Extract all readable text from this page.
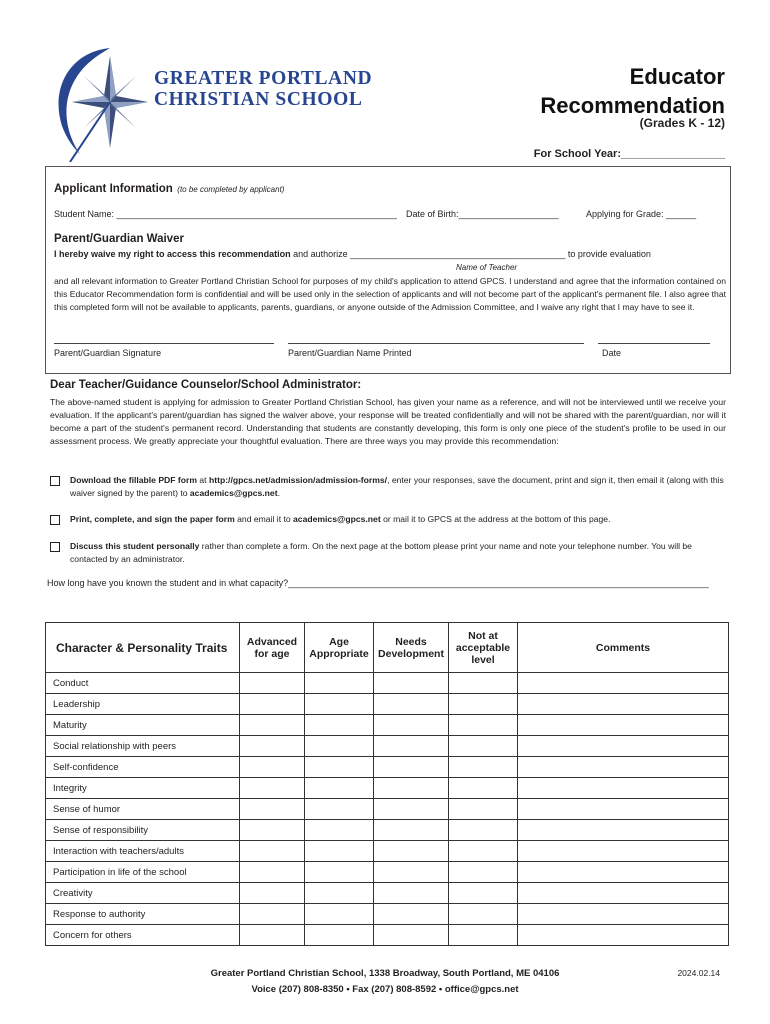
GREATER PORTLAND
CHRISTIAN SCHOOL
Educator
Recommendation
(Grades K - 12)
For School Year:_________________
Applicant Information (to be completed by applicant)
Student Name: ________________________________________________________ Date of Birth:____________________	Applying for Grade: ______
Parent/Guardian Waiver
I hereby waive my right to access this recommendation and authorize ___________________________________________ to provide evaluation
Name of Teacher
and all relevant information to Greater Portland Christian School for purposes of my child's application to attend GPCS. I understand and agree that the information contained on this Educator Recommendation form is confidential and will be used only in the selection of applicants and will not become part of the applicant's permanent file. I also agree that this completed form will not be available to applicants, parents, guardians, or anyone outside of the Admission Committee, and I waive any right that I may have to see it.
Parent/Guardian Signature	Parent/Guardian Name Printed	Date
Dear Teacher/Guidance Counselor/School Administrator:
The above-named student is applying for admission to Greater Portland Christian School, has given your name as a reference, and will not be interviewed until we receive your evaluation. If the applicant's parent/guardian has signed the waiver above, your response will be treated confidentially and will not be shared with the parent/guardian, nor will it become a part of the student's permanent record. Understanding that students are constantly developing, this form is only one piece of the student's profile to be used in our assessment process. We greatly appreciate your thoughtful evaluation. There are three ways you may provide this recommendation:
Download the fillable PDF form at http://gpcs.net/admission/admission-forms/, enter your responses, save the document, print and sign it, then email it (along with this waiver signed by the parent) to academics@gpcs.net.
Print, complete, and sign the paper form and email it to academics@gpcs.net or mail it to GPCS at the address at the bottom of this page.
Discuss this student personally rather than complete a form. On the next page at the bottom please print your name and note your telephone number. You will be contacted by an administrator.
How long have you known the student and in what capacity?____________________________________________________________________________________
Character & Personality Traits	Advanced for age	Age Appropriate	Needs Development	Not at acceptable level	Comments
Conduct					
Leadership					
Maturity					
Social relationship with peers					
Self-confidence					
Integrity					
Sense of humor					
Sense of responsibility					
Interaction with teachers/adults					
Participation in life of the school					
Creativity					
Response to authority					
Concern for others					
Greater Portland Christian School, 1338 Broadway, South Portland, ME 04106
Voice (207) 808-8350 • Fax (207) 808-8592 • office@gpcs.net
2024.02.14
